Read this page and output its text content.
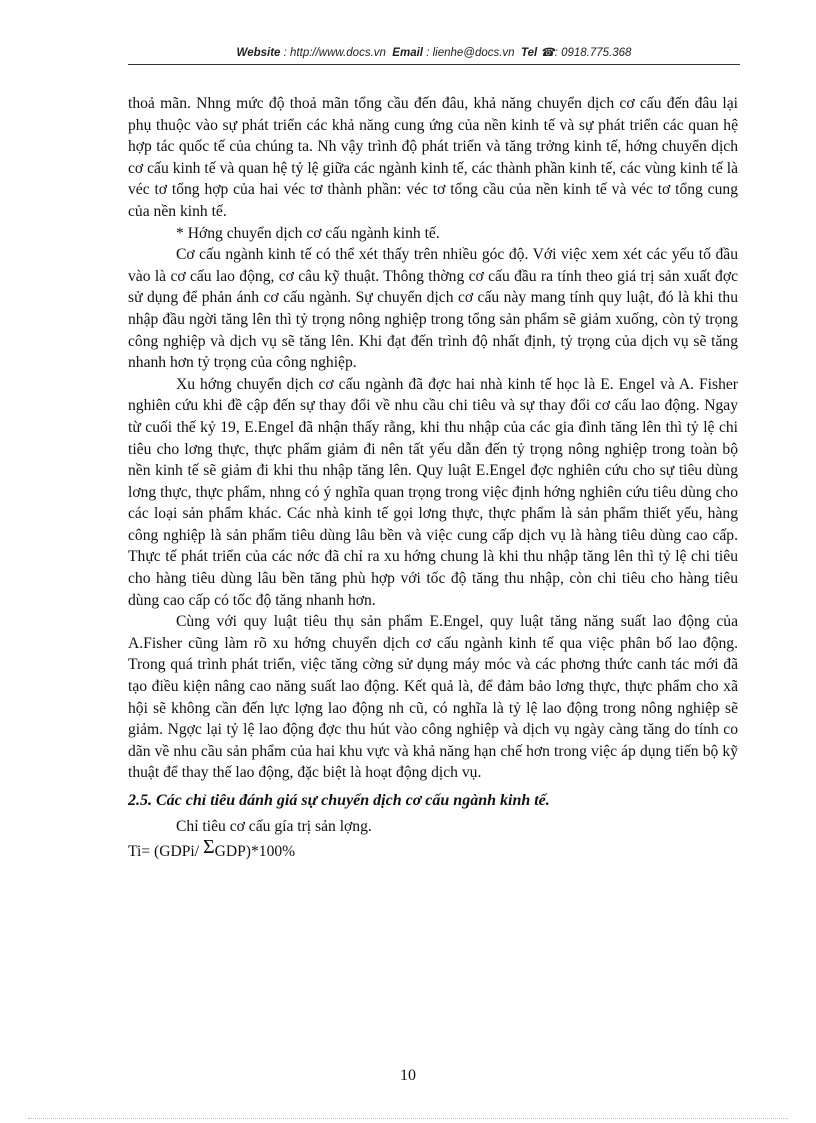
Website : http://www.docs.vn Email : lienhe@docs.vn Tel ☎: 0918.775.368

thoả mãn. Nhng mức độ thoả mãn tổng cầu đến đâu, khả năng chuyển dịch cơ cấu đến đâu lại phụ thuộc vào sự phát triển các khả năng cung ứng của nền kinh tế và sự phát triển các quan hệ hợp tác quốc tế của chúng ta. Nh vậy trình độ phát triển và tăng trởng kinh tế, hớng chuyển dịch cơ cấu kinh tế và quan hệ tỷ lệ giữa các ngành kinh tế, các thành phần kinh tế, các vùng kinh tế là véc tơ tổng hợp của hai véc tơ thành phần: véc tơ tổng cầu của nền kinh tế và véc tơ tổng cung của nền kinh tế.

* Hớng chuyển dịch cơ cấu ngành kinh tế.

Cơ cấu ngành kinh tế có thể xét thấy trên nhiều góc độ. Với việc xem xét các yếu tố đầu vào là cơ cấu lao động, cơ câu kỹ thuật. Thông thờng cơ cấu đầu ra tính theo giá trị sản xuất đợc sử dụng để phản ánh cơ cấu ngành. Sự chuyển dịch cơ cấu này mang tính quy luật, đó là khi thu nhập đầu ngời tăng lên thì tỷ trọng nông nghiệp trong tổng sản phẩm sẽ giảm xuống, còn tỷ trọng công nghiệp và dịch vụ sẽ tăng lên. Khi đạt đến trình độ nhất định, tỷ trọng của dịch vụ sẽ tăng nhanh hơn tỷ trọng của công nghiệp.

Xu hớng chuyển dịch cơ cấu ngành đã đợc hai nhà kinh tế học là E. Engel và A. Fisher nghiên cứu khi đề cập đến sự thay đổi về nhu cầu chi tiêu và sự thay đổi cơ cấu lao động. Ngay từ cuối thế kỷ 19, E.Engel đã nhận thấy rằng, khi thu nhập của các gia đình tăng lên thì tỷ lệ chi tiêu cho lơng thực, thực phẩm giảm đi nên tất yếu dẫn đến tỷ trọng nông nghiệp trong toàn bộ nền kinh tế sẽ giảm đi khi thu nhập tăng lên. Quy luật E.Engel đợc nghiên cứu cho sự tiêu dùng lơng thực, thực phẩm, nhng có ý nghĩa quan trọng trong việc định hớng nghiên cứu tiêu dùng cho các loại sản phẩm khác. Các nhà kinh tế gọi lơng thực, thực phẩm là sản phẩm thiết yếu, hàng công nghiệp là sản phẩm tiêu dùng lâu bền và việc cung cấp dịch vụ là hàng tiêu dùng cao cấp. Thực tế phát triển của các nớc đã chỉ ra xu hớng chung là khi thu nhập tăng lên thì tỷ lệ chi tiêu cho hàng tiêu dùng lâu bền tăng phù hợp với tốc độ tăng thu nhập, còn chi tiêu cho hàng tiêu dùng cao cấp có tốc độ tăng nhanh hơn.

Cùng với quy luật tiêu thụ sản phẩm E.Engel, quy luật tăng năng suất lao động của A.Fisher cũng làm rõ xu hớng chuyển dịch cơ cấu ngành kinh tế qua việc phân bố lao động. Trong quá trình phát triển, việc tăng cờng sử dụng máy móc và các phơng thức canh tác mới đã tạo điều kiện nâng cao năng suất lao động. Kết quả là, để đảm bảo lơng thực, thực phẩm cho xã hội sẽ không cần đến lực lợng lao động nh cũ, có nghĩa là tỷ lệ lao động trong nông nghiệp sẽ giảm. Ngợc lại tỷ lệ lao động đợc thu hút vào công nghiệp và dịch vụ ngày càng tăng do tính co dãn về nhu cầu sản phẩm của hai khu vực và khả năng hạn chế hơn trong việc áp dụng tiến bộ kỹ thuật để thay thế lao động, đặc biệt là hoạt động dịch vụ.

2.5. Các chỉ tiêu đánh giá sự chuyển dịch cơ cấu ngành kinh tế.

Chỉ tiêu cơ cấu gía trị sản lợng.

Ti= (GDPi/ ΣGDP)*100%

10
